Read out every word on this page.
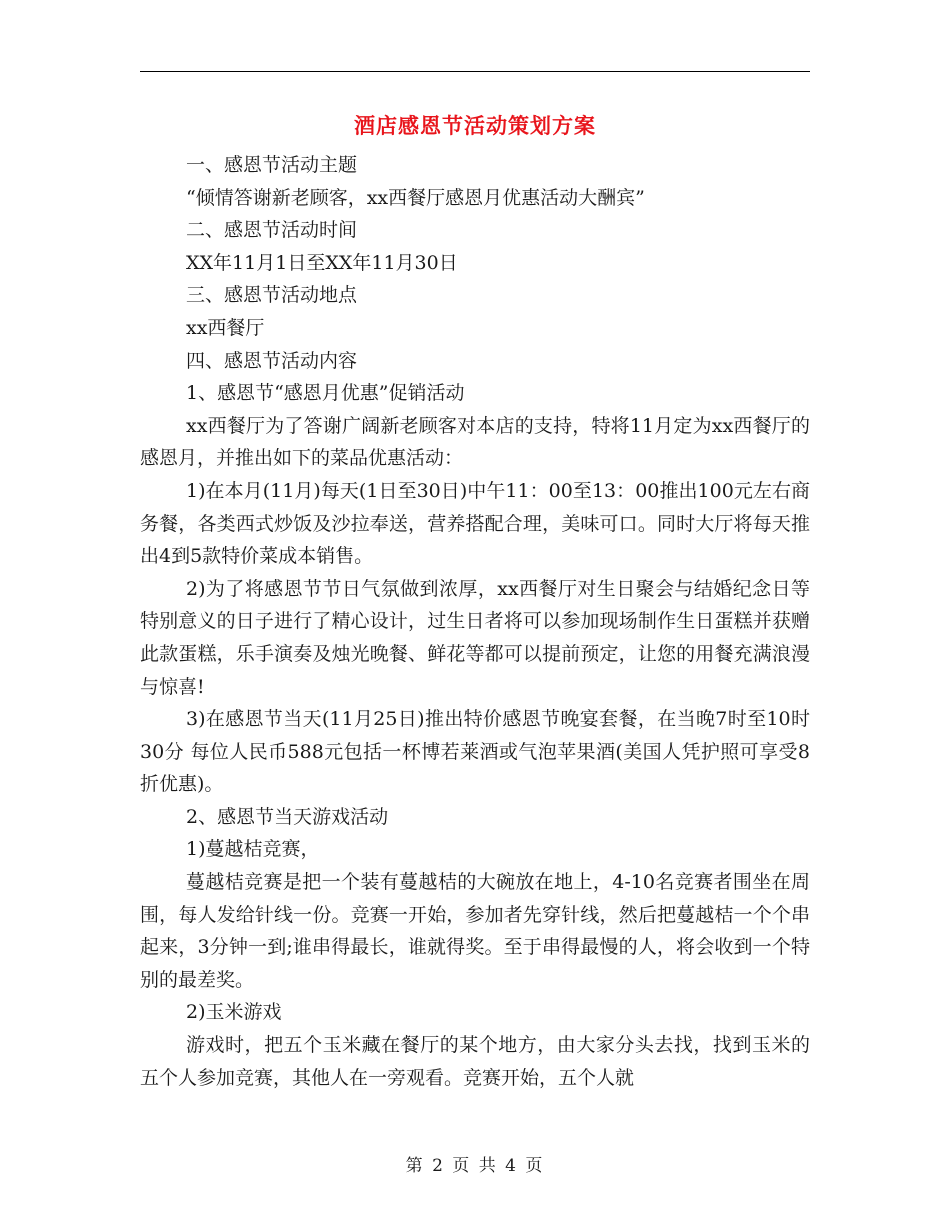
酒店感恩节活动策划方案
一、感恩节活动主题
“倾情答谢新老顾客，xx西餐厅感恩月优惠活动大酬宾”
二、感恩节活动时间
XX年11月1日至XX年11月30日
三、感恩节活动地点
xx西餐厅
四、感恩节活动内容
1、感恩节“感恩月优惠”促销活动
xx西餐厅为了答谢广阔新老顾客对本店的支持，特将11月定为xx西餐厅的感恩月，并推出如下的菜品优惠活动：
1)在本月(11月)每天(1日至30日)中午11：00至13：00推出100元左右商务餐，各类西式炒饭及沙拉奉送，营养搭配合理，美味可口。同时大厅将每天推出4到5款特价菜成本销售。
2)为了将感恩节节日气氛做到浓厚，xx西餐厅对生日聚会与结婚纪念日等特别意义的日子进行了精心设计，过生日者将可以参加现场制作生日蛋糕并获赠此款蛋糕，乐手演奏及烛光晚餐、鲜花等都可以提前预定，让您的用餐充满浪漫与惊喜!
3)在感恩节当天(11月25日)推出特价感恩节晚宴套餐，在当晚7时至10时30分 每位人民币588元包括一杯博若莱酒或气泡苹果酒(美国人凭护照可享受8折优惠)。
2、感恩节当天游戏活动
1)蔓越桔竞赛，
蔓越桔竞赛是把一个装有蔓越桔的大碗放在地上，4-10名竞赛者围坐在周围，每人发给针线一份。竞赛一开始，参加者先穿针线，然后把蔓越桔一个个串起来，3分钟一到;谁串得最长，谁就得奖。至于串得最慢的人，将会收到一个特别的最差奖。
2)玉米游戏
游戏时，把五个玉米藏在餐厅的某个地方，由大家分头去找，找到玉米的五个人参加竞赛，其他人在一旁观看。竞赛开始，五个人就
第 2 页 共 4 页
